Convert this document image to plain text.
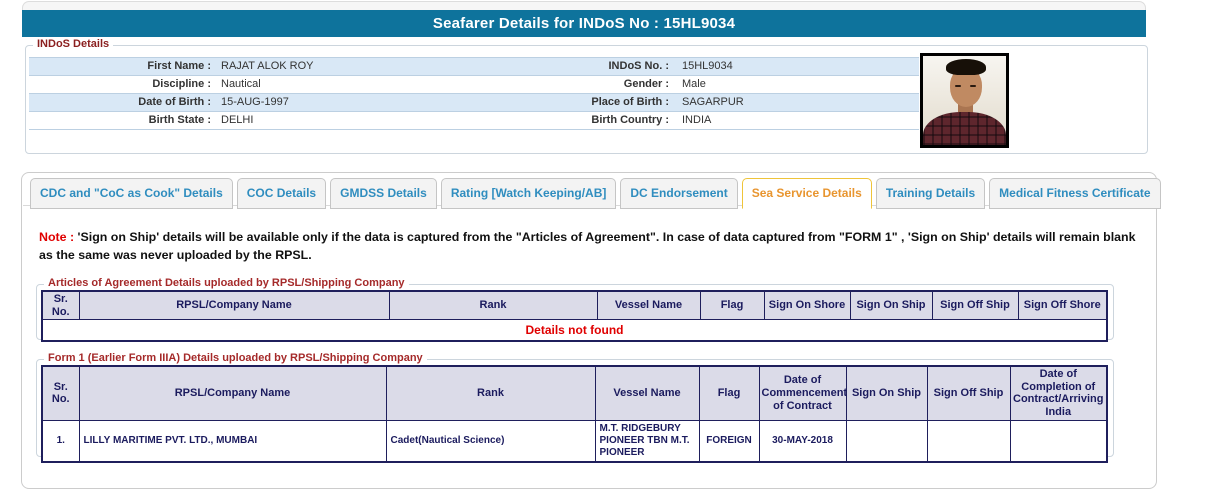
Seafarer Details for INDoS No : 15HL9034
INDoS Details
First Name : RAJAT ALOK ROY	INDoS No. :	15HL9034
Discipline : Nautical	Gender :	Male
Date of Birth : 15-AUG-1997	Place of Birth :	SAGARPUR
Birth State : DELHI	Birth Country :	INDIA
CDC and "CoC as Cook" Details	COC Details	GMDSS Details	Rating [Watch Keeping/AB]	DC Endorsement	Sea Service Details	Training Details	Medical Fitness Certificate
Note : 'Sign on Ship' details will be available only if the data is captured from the "Articles of Agreement". In case of data captured from "FORM 1" , 'Sign on Ship' details will remain blank as the same was never uploaded by the RPSL.
Articles of Agreement Details uploaded by RPSL/Shipping Company
Sr. No.	RPSL/Company Name	Rank	Vessel Name	Flag	Sign On Shore	Sign On Ship	Sign Off Ship	Sign Off Shore
Details not found
Form 1 (Earlier Form IIIA) Details uploaded by RPSL/Shipping Company
Sr. No.	RPSL/Company Name	Rank	Vessel Name	Flag	Date of Commencement of Contract	Sign On Ship	Sign Off Ship	Date of Completion of Contract/Arriving India
1.	LILLY MARITIME PVT. LTD., MUMBAI	Cadet(Nautical Science)	M.T. RIDGEBURY PIONEER TBN M.T. PIONEER	FOREIGN	30-MAY-2018			
